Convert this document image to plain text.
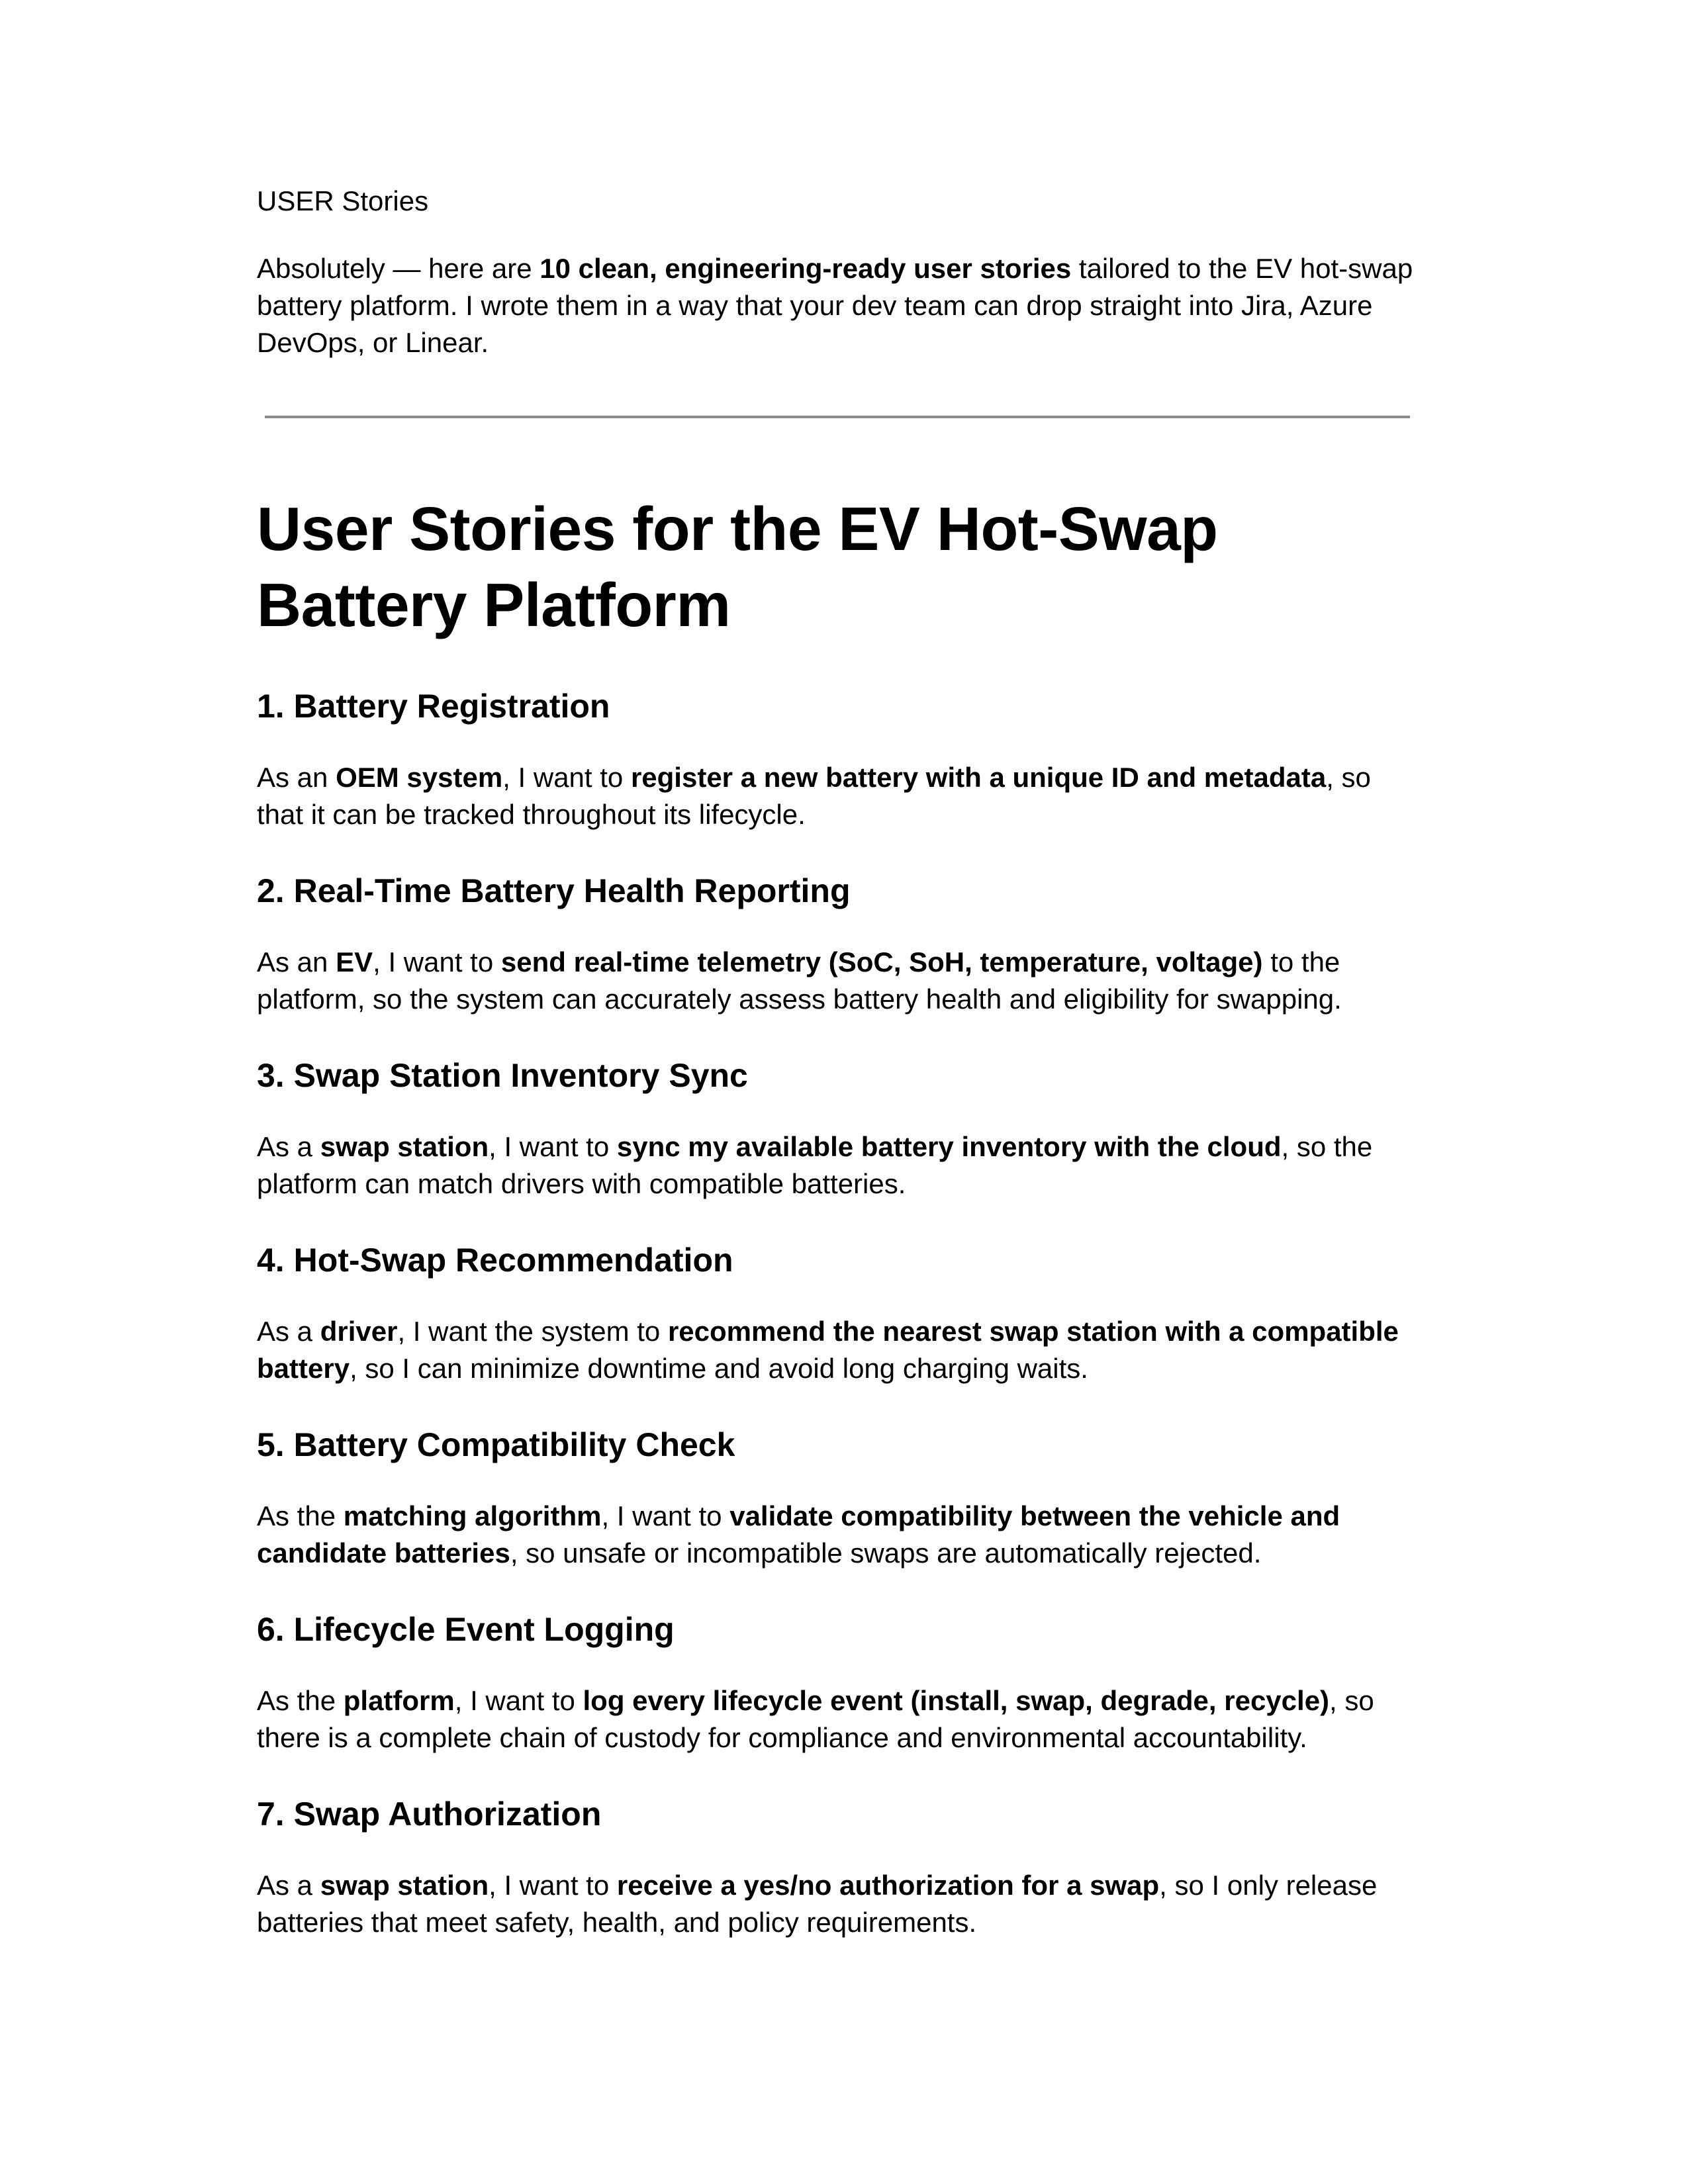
USER Stories

Absolutely — here are 10 clean, engineering-ready user stories tailored to the EV hot-swap battery platform. I wrote them in a way that your dev team can drop straight into Jira, Azure DevOps, or Linear.

User Stories for the EV Hot-Swap Battery Platform
1. Battery Registration

As an OEM system, I want to register a new battery with a unique ID and metadata, so that it can be tracked throughout its lifecycle.

2. Real-Time Battery Health Reporting

As an EV, I want to send real-time telemetry (SoC, SoH, temperature, voltage) to the platform, so the system can accurately assess battery health and eligibility for swapping.

3. Swap Station Inventory Sync

As a swap station, I want to sync my available battery inventory with the cloud, so the platform can match drivers with compatible batteries.

4. Hot-Swap Recommendation

As a driver, I want the system to recommend the nearest swap station with a compatible battery, so I can minimize downtime and avoid long charging waits.

5. Battery Compatibility Check

As the matching algorithm, I want to validate compatibility between the vehicle and candidate batteries, so unsafe or incompatible swaps are automatically rejected.

6. Lifecycle Event Logging

As the platform, I want to log every lifecycle event (install, swap, degrade, recycle), so there is a complete chain of custody for compliance and environmental accountability.

7. Swap Authorization

As a swap station, I want to receive a yes/no authorization for a swap, so I only release batteries that meet safety, health, and policy requirements.
